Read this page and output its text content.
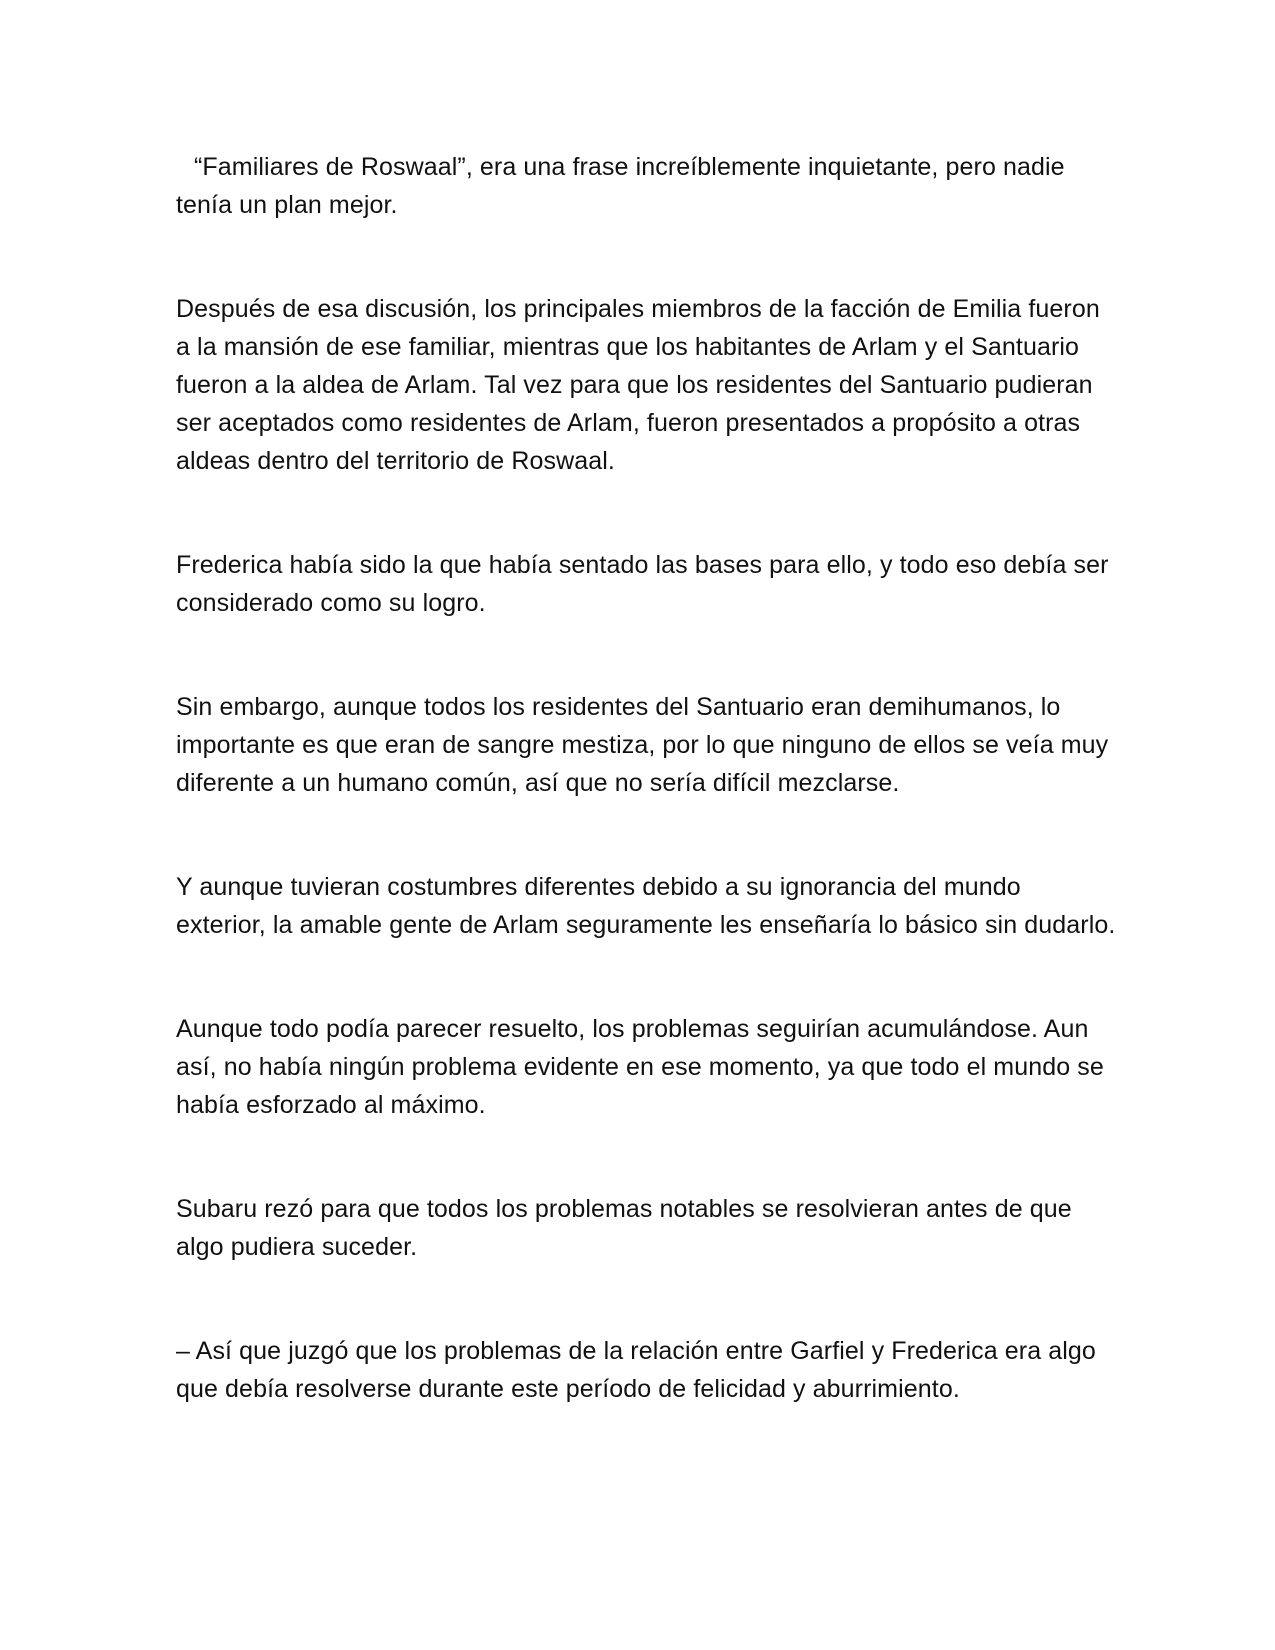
“Familiares de Roswaal”, era una frase increíblemente inquietante, pero nadie tenía un plan mejor.

Después de esa discusión, los principales miembros de la facción de Emilia fueron a la mansión de ese familiar, mientras que los habitantes de Arlam y el Santuario fueron a la aldea de Arlam. Tal vez para que los residentes del Santuario pudieran ser aceptados como residentes de Arlam, fueron presentados a propósito a otras aldeas dentro del territorio de Roswaal.

Frederica había sido la que había sentado las bases para ello, y todo eso debía ser considerado como su logro.

Sin embargo, aunque todos los residentes del Santuario eran demihumanos, lo importante es que eran de sangre mestiza, por lo que ninguno de ellos se veía muy diferente a un humano común, así que no sería difícil mezclarse.

Y aunque tuvieran costumbres diferentes debido a su ignorancia del mundo exterior, la amable gente de Arlam seguramente les enseñaría lo básico sin dudarlo.

Aunque todo podía parecer resuelto, los problemas seguirían acumulándose. Aun así, no había ningún problema evidente en ese momento, ya que todo el mundo se había esforzado al máximo.

Subaru rezó para que todos los problemas notables se resolvieran antes de que algo pudiera suceder.

– Así que juzgó que los problemas de la relación entre Garfiel y Frederica era algo que debía resolverse durante este período de felicidad y aburrimiento.
